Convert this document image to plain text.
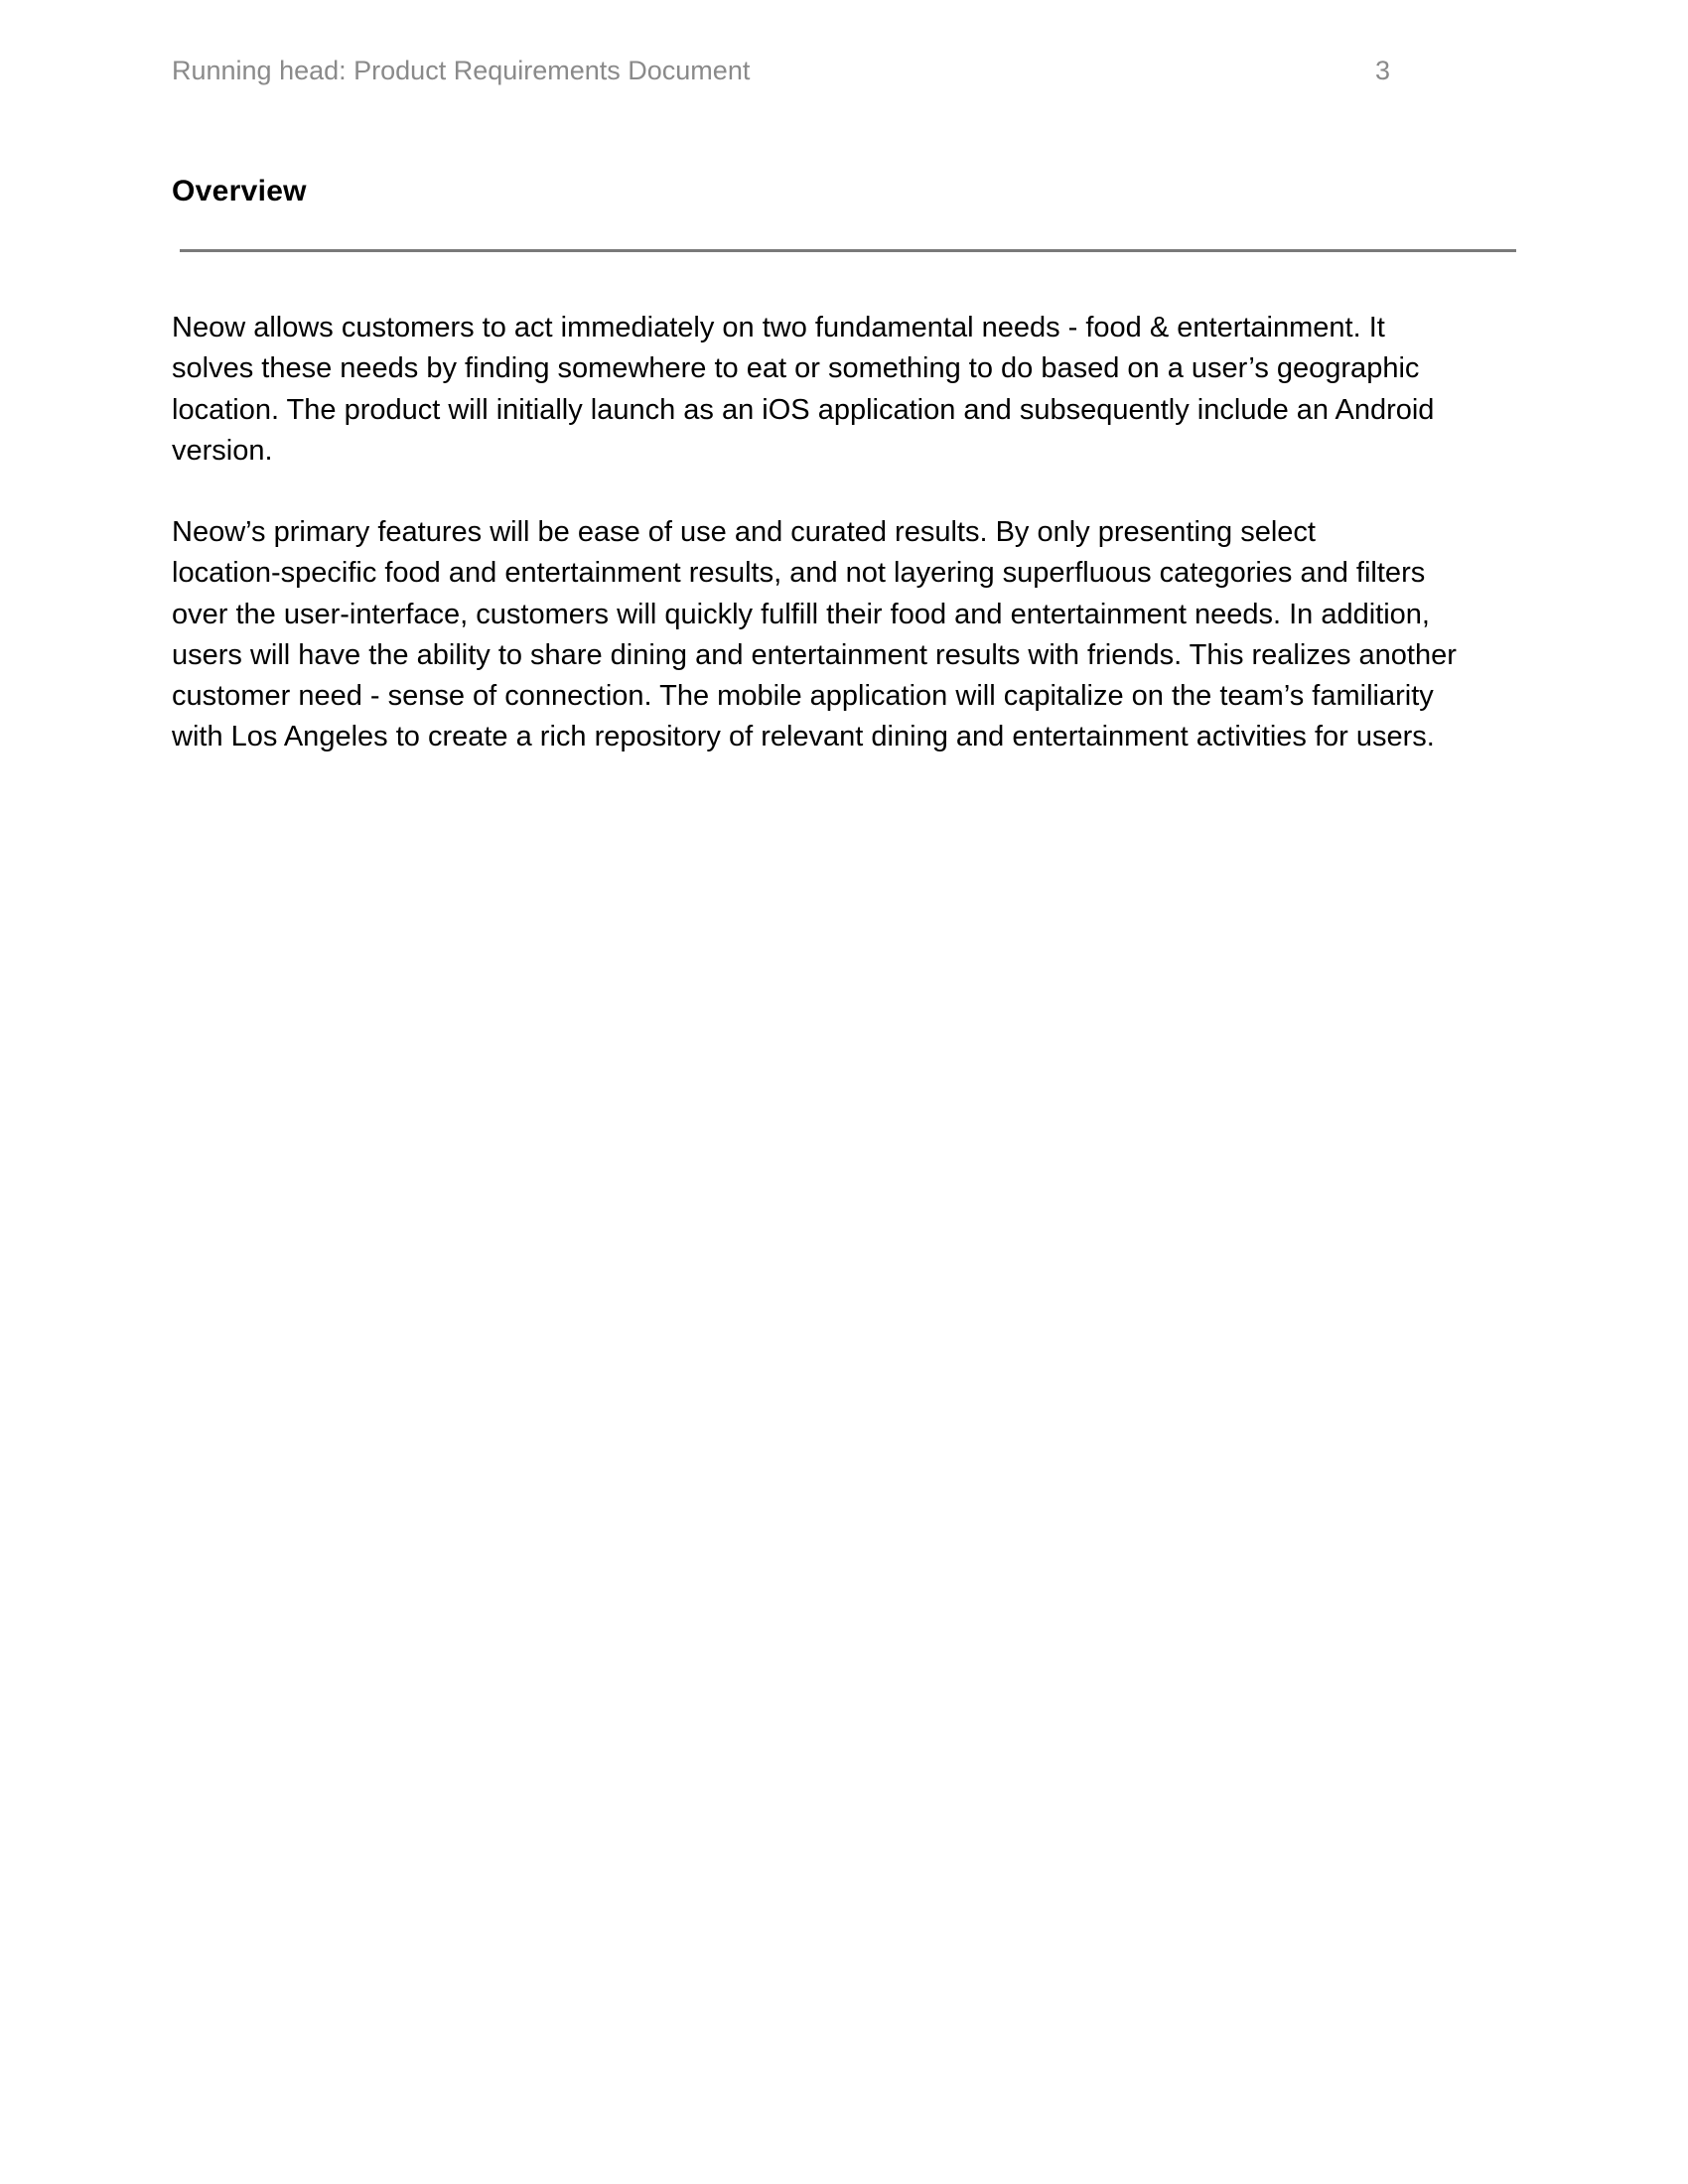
Running head: Product Requirements Document	3
Overview
Neow allows customers to act immediately on two fundamental needs - food & entertainment. It
solves these needs by finding somewhere to eat or something to do based on a user’s geographic
location. The product will initially launch as an iOS application and subsequently include an Android
version.
Neow’s primary features will be ease of use and curated results. By only presenting select
location-specific food and entertainment results, and not layering superfluous categories and filters
over the user-interface, customers will quickly fulfill their food and entertainment needs. In addition,
users will have the ability to share dining and entertainment results with friends. This realizes another
customer need - sense of connection. The mobile application will capitalize on the team’s familiarity
with Los Angeles to create a rich repository of relevant dining and entertainment activities for users.
